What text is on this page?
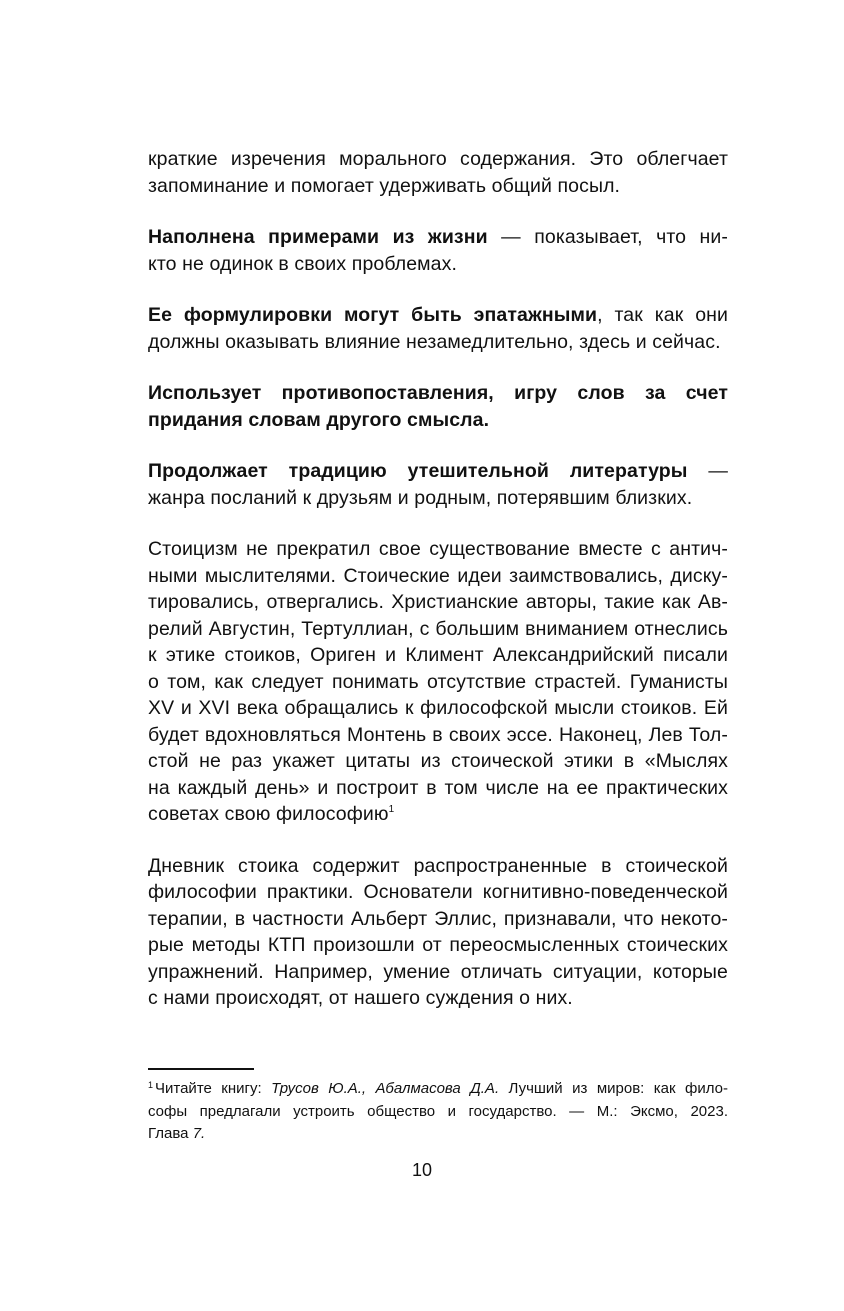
краткие изречения морального содержания. Это облегчает
запоминание и помогает удерживать общий посыл.

Наполнена примерами из жизни — показывает, что ни-
кто не одинок в своих проблемах.

Ее формулировки могут быть эпатажными, так как они
должны оказывать влияние незамедлительно, здесь и сейчас.

Использует противопоставления, игру слов за счет
придания словам другого смысла.

Продолжает традицию утешительной литературы —
жанра посланий к друзьям и родным, потерявшим близких.

Стоицизм не прекратил свое существование вместе с антич-
ными мыслителями. Стоические идеи заимствовались, диску-
тировались, отвергались. Христианские авторы, такие как Ав-
релий Августин, Тертуллиан, с большим вниманием отнеслись
к этике стоиков, Ориген и Климент Александрийский писали
о том, как следует понимать отсутствие страстей. Гуманисты
XV и XVI века обращались к философской мысли стоиков. Ей
будет вдохновляться Монтень в своих эссе. Наконец, Лев Тол-
стой не раз укажет цитаты из стоической этики в «Мыслях
на каждый день» и построит в том числе на ее практических
советах свою философию$^1$

Дневник стоика содержит распространенные в стоической
философии практики. Основатели когнитивно-поведенческой
терапии, в частности Альберт Эллис, признавали, что некото-
рые методы КТП произошли от переосмысленных стоических
упражнений. Например, умение отличать ситуации, которые
с нами происходят, от нашего суждения о них.

$^1$ Читайте книгу: Трусов Ю.А., Абалмасова Д.А. Лучший из миров: как фило-
софы предлагали устроить общество и государство. — М.: Эксмо, 2023.
Глава 7.
10
